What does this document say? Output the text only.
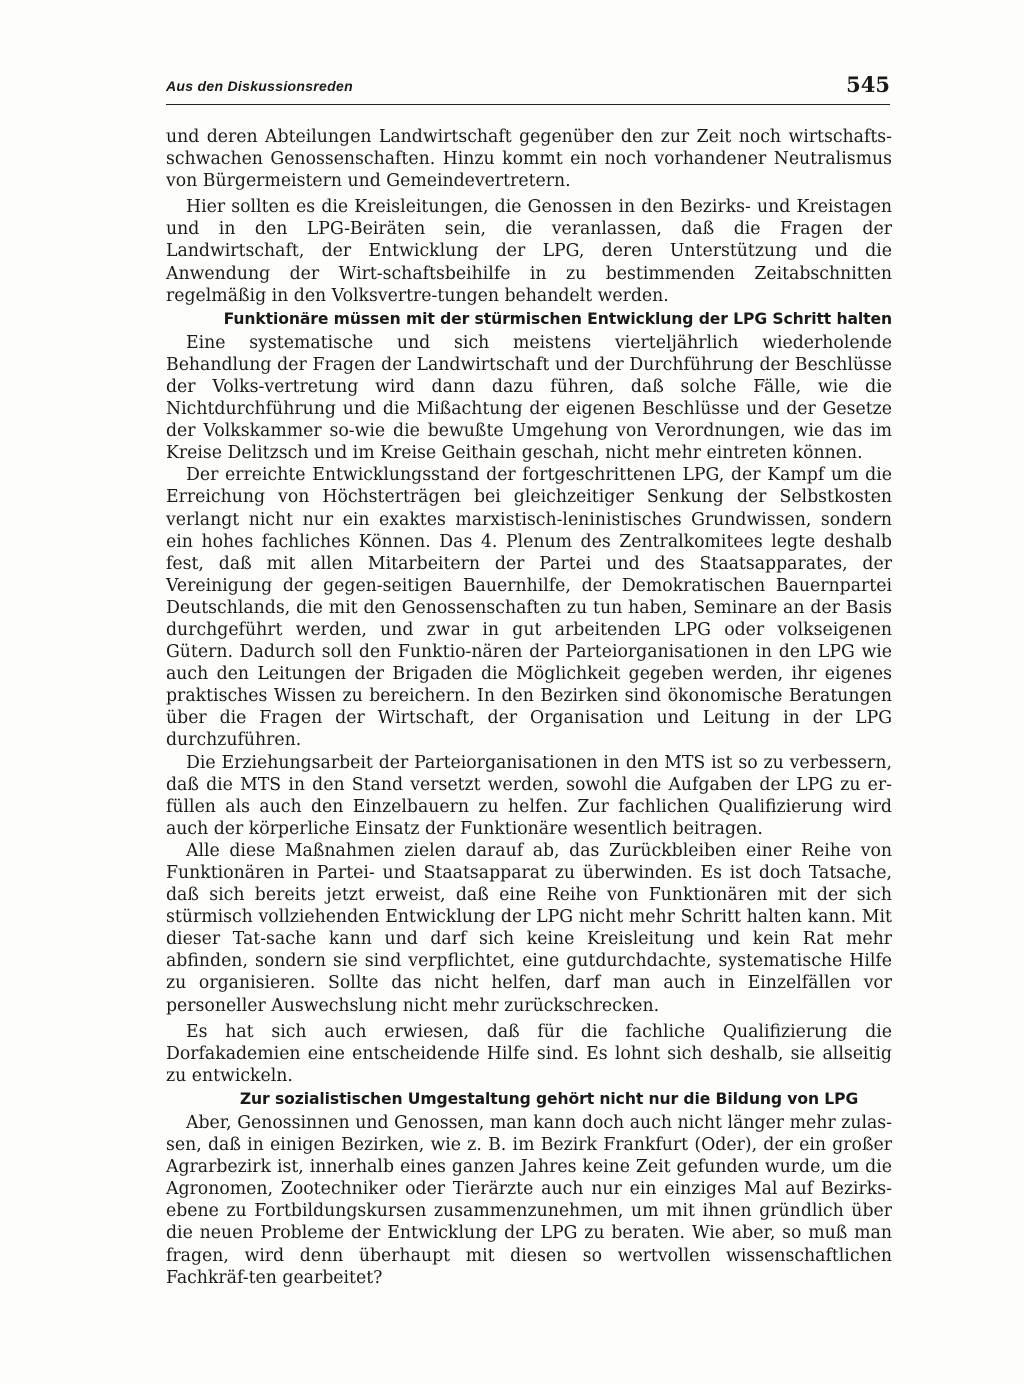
Aus den Diskussionsreden	545

und deren Abteilungen Landwirtschaft gegenüber den zur Zeit noch wirtschafts-schwachen Genossenschaften. Hinzu kommt ein noch vorhandener Neutralismus von Bürgermeistern und Gemeindevertretern.

Hier sollten es die Kreisleitungen, die Genossen in den Bezirks- und Kreistagen und in den LPG-Beiräten sein, die veranlassen, daß die Fragen der Landwirtschaft, der Entwicklung der LPG, deren Unterstützung und die Anwendung der Wirt-schaftsbeihilfe in zu bestimmenden Zeitabschnitten regelmäßig in den Volksvertre-tungen behandelt werden.

Funktionäre müssen mit der stürmischen Entwicklung der LPG Schritt halten

Eine systematische und sich meistens vierteljährlich wiederholende Behandlung der Fragen der Landwirtschaft und der Durchführung der Beschlüsse der Volks-vertretung wird dann dazu führen, daß solche Fälle, wie die Nichtdurchführung und die Mißachtung der eigenen Beschlüsse und der Gesetze der Volkskammer so-wie die bewußte Umgehung von Verordnungen, wie das im Kreise Delitzsch und im Kreise Geithain geschah, nicht mehr eintreten können.

Der erreichte Entwicklungsstand der fortgeschrittenen LPG, der Kampf um die Erreichung von Höchsterträgen bei gleichzeitiger Senkung der Selbstkosten verlangt nicht nur ein exaktes marxistisch-leninistisches Grundwissen, sondern ein hohes fachliches Können. Das 4. Plenum des Zentralkomitees legte deshalb fest, daß mit allen Mitarbeitern der Partei und des Staatsapparates, der Vereinigung der gegen-seitigen Bauernhilfe, der Demokratischen Bauernpartei Deutschlands, die mit den Genossenschaften zu tun haben, Seminare an der Basis durchgeführt werden, und zwar in gut arbeitenden LPG oder volkseigenen Gütern. Dadurch soll den Funktio-nären der Parteiorganisationen in den LPG wie auch den Leitungen der Brigaden die Möglichkeit gegeben werden, ihr eigenes praktisches Wissen zu bereichern. In den Bezirken sind ökonomische Beratungen über die Fragen der Wirtschaft, der Organisation und Leitung in der LPG durchzuführen.

Die Erziehungsarbeit der Parteiorganisationen in den MTS ist so zu verbessern, daß die MTS in den Stand versetzt werden, sowohl die Aufgaben der LPG zu er-füllen als auch den Einzelbauern zu helfen. Zur fachlichen Qualifizierung wird auch der körperliche Einsatz der Funktionäre wesentlich beitragen.

Alle diese Maßnahmen zielen darauf ab, das Zurückbleiben einer Reihe von Funktionären in Partei- und Staatsapparat zu überwinden. Es ist doch Tatsache, daß sich bereits jetzt erweist, daß eine Reihe von Funktionären mit der sich stürmisch vollziehenden Entwicklung der LPG nicht mehr Schritt halten kann. Mit dieser Tat-sache kann und darf sich keine Kreisleitung und kein Rat mehr abfinden, sondern sie sind verpflichtet, eine gutdurchdachte, systematische Hilfe zu organisieren. Sollte das nicht helfen, darf man auch in Einzelfällen vor personeller Auswechslung nicht mehr zurückschrecken.

Es hat sich auch erwiesen, daß für die fachliche Qualifizierung die Dorfakademien eine entscheidende Hilfe sind. Es lohnt sich deshalb, sie allseitig zu entwickeln.

Zur sozialistischen Umgestaltung gehört nicht nur die Bildung von LPG

Aber, Genossinnen und Genossen, man kann doch auch nicht länger mehr zulas-sen, daß in einigen Bezirken, wie z. B. im Bezirk Frankfurt (Oder), der ein großer Agrarbezirk ist, innerhalb eines ganzen Jahres keine Zeit gefunden wurde, um die Agronomen, Zootechniker oder Tierärzte auch nur ein einziges Mal auf Bezirks-ebene zu Fortbildungskursen zusammenzunehmen, um mit ihnen gründlich über die neuen Probleme der Entwicklung der LPG zu beraten. Wie aber, so muß man fragen, wird denn überhaupt mit diesen so wertvollen wissenschaftlichen Fachkräf-ten gearbeitet?
